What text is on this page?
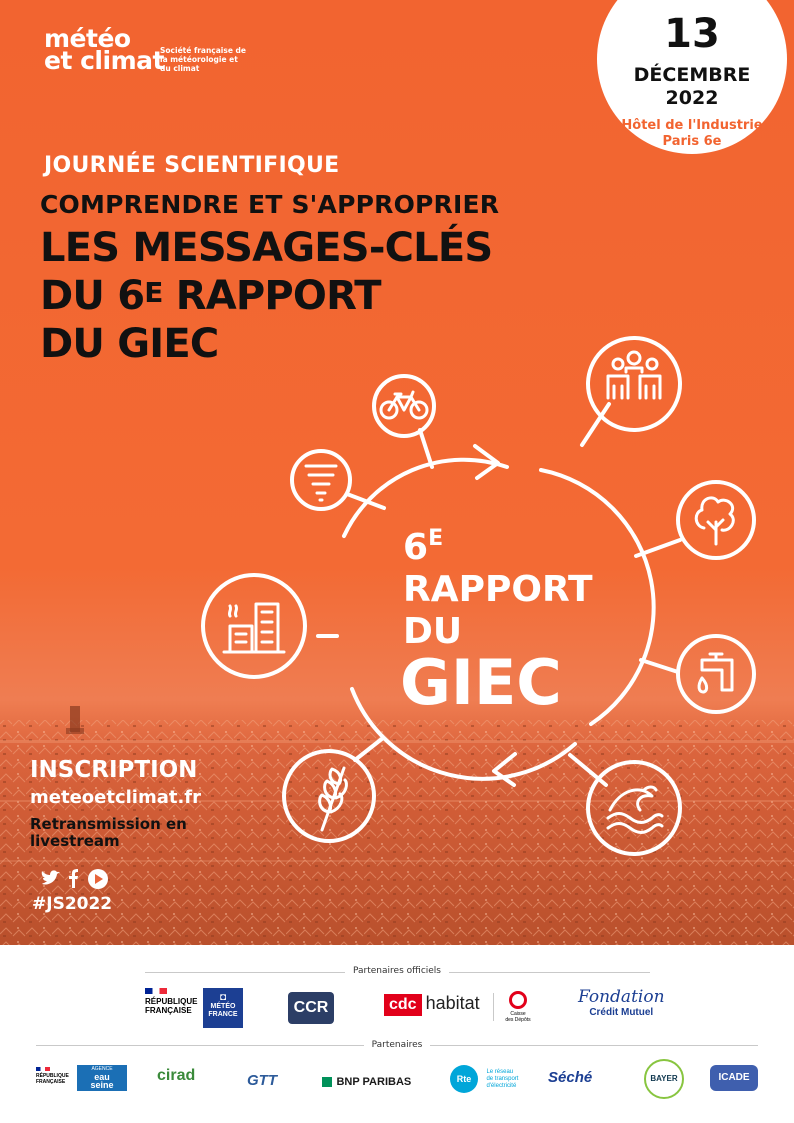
météo
et climat
Société française de la météorologie et du climat
13
DÉCEMBRE
2022
Hôtel de l'Industrie
Paris 6e
JOURNÉE SCIENTIFIQUE
COMPRENDRE ET S'APPROPRIER
LES MESSAGES-CLÉS
DU $6^E$ RAPPORT
DU GIEC
$6^E$
RAPPORT
DU
GIEC
INSCRIPTION
meteoetclimat.fr
Retransmission en livestream
#JS2022
Partenaires officiels
RÉPUBLIQUE
FRANÇAISE
◘
MÉTÉO
FRANCE	CCR	cdc habitat
Caisse
des Dépôts
Fondation
Crédit Mutuel
Partenaires
RÉPUBLIQUE
FRANÇAISE
AGENCE
eau
seine
cirad	GTT	BNP PARIBAS	Rte
Le réseau
de transport
d'électricité Séché	BAYER	ICADE
